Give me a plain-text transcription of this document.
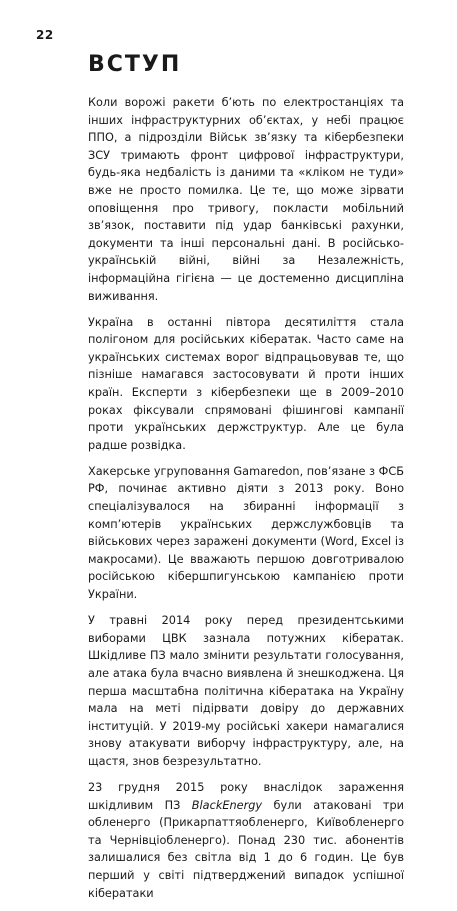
22
ВСТУП

Коли ворожі ракети б’ють по електростанціях та інших інфраструктурних об’єктах, у небі працює ППО, а підрозділи Військ зв’язку та кібербезпеки ЗСУ тримають фронт цифрової інфраструктури, будь-яка недбалість із даними та «кліком не туди» вже не просто помилка. Це те, що може зірвати оповіщення про тривогу, покласти мобільний зв’язок, поставити під удар банківські рахунки, документи та інші персональні дані. В російсько-українській війні, війні за Незалежність, інформаційна гігієна — це достеменно дисципліна виживання.

Україна в останні півтора десятиліття стала полігоном для російських кібератак. Часто саме на українських системах ворог відпрацьовував те, що пізніше намагався застосовувати й проти інших країн. Експерти з кібербезпеки ще в 2009–2010 роках фіксували спрямовані фішингові кампанії проти українських держструктур. Але це була радше розвідка.

Хакерське угруповання Gamaredon, пов’язане з ФСБ РФ, починає активно діяти з 2013 року. Воно спеціалізувалося на збиранні інформації з комп’ютерів українських держслужбовців та військових через заражені документи (Word, Excel із макросами). Це вважають першою довготривалою російською кібершпигунською кампанією проти України.

У травні 2014 року перед президентськими виборами ЦВК зазнала потужних кібератак. Шкідливе ПЗ мало змінити результати голосування, але атака була вчасно виявлена й знешкоджена. Ця перша масштабна політична кібератака на Україну мала на меті підірвати довіру до державних інституцій. У 2019-му російські хакери намагалися знову атакувати виборчу інфраструктуру, але, на щастя, знов безрезультатно.

23 грудня 2015 року внаслідок зараження шкідливим ПЗ BlackEnergy були атаковані три обленерго (Прикарпаттяобленерго, Київобленерго та Чернівціобленерго). Понад 230 тис. абонентів залишалися без світла від 1 до 6 годин. Це був перший у світі підтверджений випадок успішної кібератаки
